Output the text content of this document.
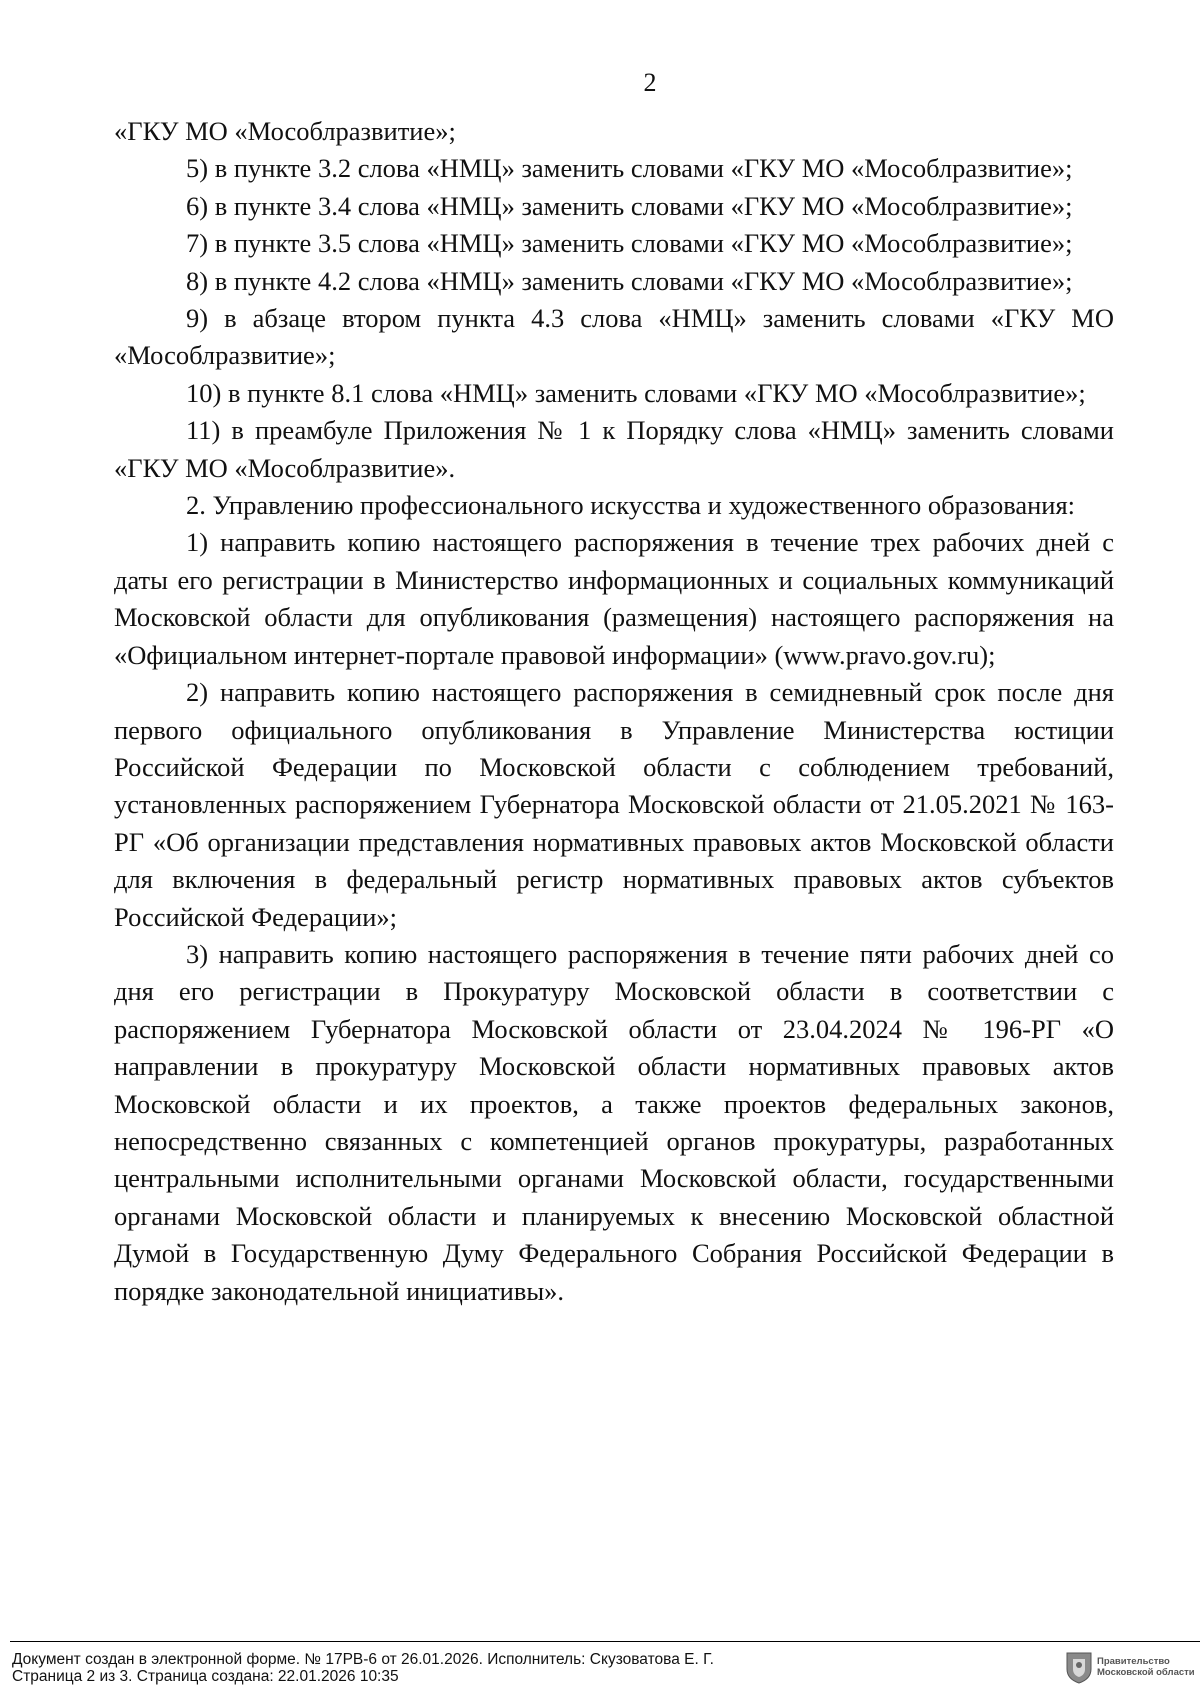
2

«ГКУ МО «Мособлразвитие»;

5) в пункте 3.2 слова «НМЦ» заменить словами «ГКУ МО «Мособлразвитие»;

6) в пункте 3.4 слова «НМЦ» заменить словами «ГКУ МО «Мособлразвитие»;

7) в пункте 3.5 слова «НМЦ» заменить словами «ГКУ МО «Мособлразвитие»;

8) в пункте 4.2 слова «НМЦ» заменить словами «ГКУ МО «Мособлразвитие»;

9) в абзаце втором пункта 4.3 слова «НМЦ» заменить словами «ГКУ МО «Мособлразвитие»;

10) в пункте 8.1 слова «НМЦ» заменить словами «ГКУ МО «Мособлразвитие»;

11) в преамбуле Приложения № 1 к Порядку слова «НМЦ» заменить словами «ГКУ МО «Мособлразвитие».

2. Управлению профессионального искусства и художественного образования:

1) направить копию настоящего распоряжения в течение трех рабочих дней с даты его регистрации в Министерство информационных и социальных коммуникаций Московской области для опубликования (размещения) настоящего распоряжения на «Официальном интернет-портале правовой информации» (www.pravo.gov.ru);

2) направить копию настоящего распоряжения в семидневный срок после дня первого официального опубликования в Управление Министерства юстиции Российской Федерации по Московской области с соблюдением требований, установленных распоряжением Губернатора Московской области от 21.05.2021 № 163-РГ «Об организации представления нормативных правовых актов Московской области для включения в федеральный регистр нормативных правовых актов субъектов Российской Федерации»;

3) направить копию настоящего распоряжения в течение пяти рабочих дней со дня его регистрации в Прокуратуру Московской области в соответствии с распоряжением Губернатора Московской области от 23.04.2024 № 196-РГ «О направлении в прокуратуру Московской области нормативных правовых актов Московской области и их проектов, а также проектов федеральных законов, непосредственно связанных с компетенцией органов прокуратуры, разработанных центральными исполнительными органами Московской области, государственными органами Московской области и планируемых к внесению Московской областной Думой в Государственную Думу Федерального Собрания Российской Федерации в порядке законодательной инициативы».

Документ создан в электронной форме. № 17РВ-6 от 26.01.2026. Исполнитель: Скузоватова Е. Г.
Страница 2 из 3. Страница создана: 22.01.2026 10:35
Правительство
Московской области
